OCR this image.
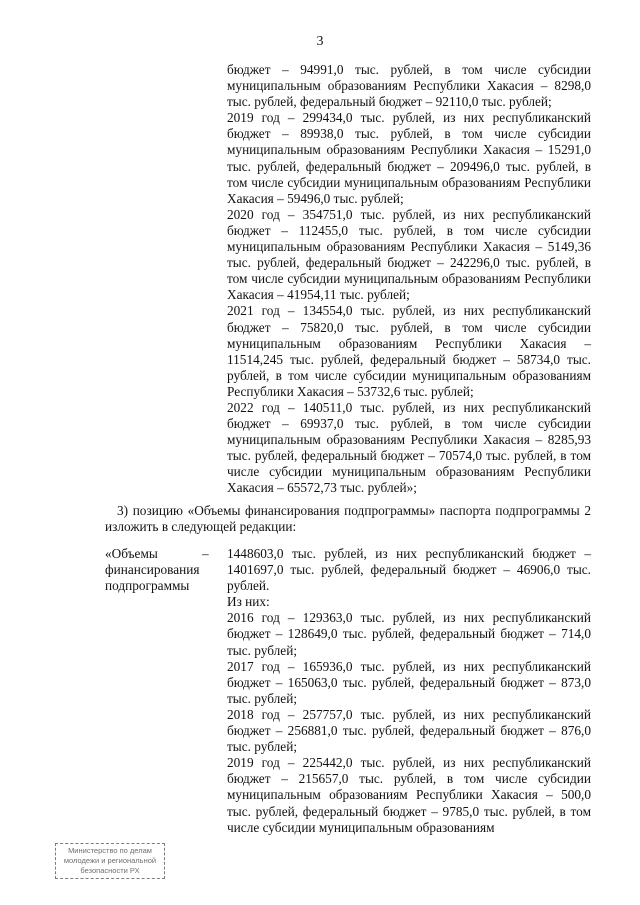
3

бюджет – 94991,0 тыс. рублей, в том числе субсидии муниципальным образованиям Республики Хакасия – 8298,0 тыс. рублей, федеральный бюджет – 92110,0 тыс. рублей;

2019 год – 299434,0 тыс. рублей, из них республиканский бюджет – 89938,0 тыс. рублей, в том числе субсидии муниципальным образованиям Республики Хакасия – 15291,0 тыс. рублей, федеральный бюджет – 209496,0 тыс. рублей, в том числе субсидии муниципальным образованиям Республики Хакасия – 59496,0 тыс. рублей;

2020 год – 354751,0 тыс. рублей, из них республиканский бюджет – 112455,0 тыс. рублей, в том числе субсидии муниципальным образованиям Республики Хакасия – 5149,36 тыс. рублей, федеральный бюджет – 242296,0 тыс. рублей, в том числе субсидии муниципальным образованиям Республики Хакасия – 41954,11 тыс. рублей;

2021 год – 134554,0 тыс. рублей, из них республиканский бюджет – 75820,0 тыс. рублей, в том числе субсидии муниципальным образованиям Республики Хакасия – 11514,245 тыс. рублей, федеральный бюджет – 58734,0 тыс. рублей, в том числе субсидии муниципальным образованиям Республики Хакасия – 53732,6 тыс. рублей;

2022 год – 140511,0 тыс. рублей, из них республиканский бюджет – 69937,0 тыс. рублей, в том числе субсидии муниципальным образованиям Республики Хакасия – 8285,93 тыс. рублей, федеральный бюджет – 70574,0 тыс. рублей, в том числе субсидии муниципальным образованиям Республики Хакасия – 65572,73 тыс. рублей»;

3) позицию «Объемы финансирования подпрограммы» паспорта подпрограммы 2 изложить в следующей редакции:

«Объемы
финансирования
подпрограммы
– 1448603,0 тыс. рублей, из них республиканский бюджет – 1401697,0 тыс. рублей, федеральный бюджет – 46906,0 тыс. рублей.

Из них:

2016 год – 129363,0 тыс. рублей, из них республиканский бюджет – 128649,0 тыс. рублей, федеральный бюджет – 714,0 тыс. рублей;

2017 год – 165936,0 тыс. рублей, из них республиканский бюджет – 165063,0 тыс. рублей, федеральный бюджет – 873,0 тыс. рублей;

2018 год – 257757,0 тыс. рублей, из них республиканский бюджет – 256881,0 тыс. рублей, федеральный бюджет – 876,0 тыс. рублей;

2019 год – 225442,0 тыс. рублей, из них республиканский бюджет – 215657,0 тыс. рублей, в том числе субсидии муниципальным образованиям Республики Хакасия – 500,0 тыс. рублей, федеральный бюджет – 9785,0 тыс. рублей, в том числе субсидии муниципальным образованиям

Министерство по делам молодежи и региональной безопасности РХ
